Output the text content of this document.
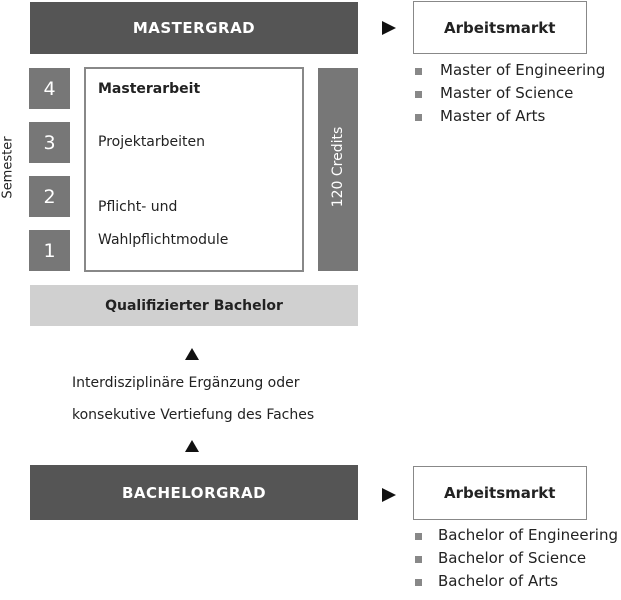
MASTERGRAD	Arbeitsmarkt
Master of Engineering
Master of Science
Master of Arts
Semester
4
3
2
1
Masterarbeit
Projektarbeiten
Pflicht- und
Wahlpflichtmodule
120 Credits
Qualifizierter Bachelor
Interdisziplinäre Ergänzung oder
konsekutive Vertiefung des Faches
BACHELORGRAD	Arbeitsmarkt
Bachelor of Engineering
Bachelor of Science
Bachelor of Arts
